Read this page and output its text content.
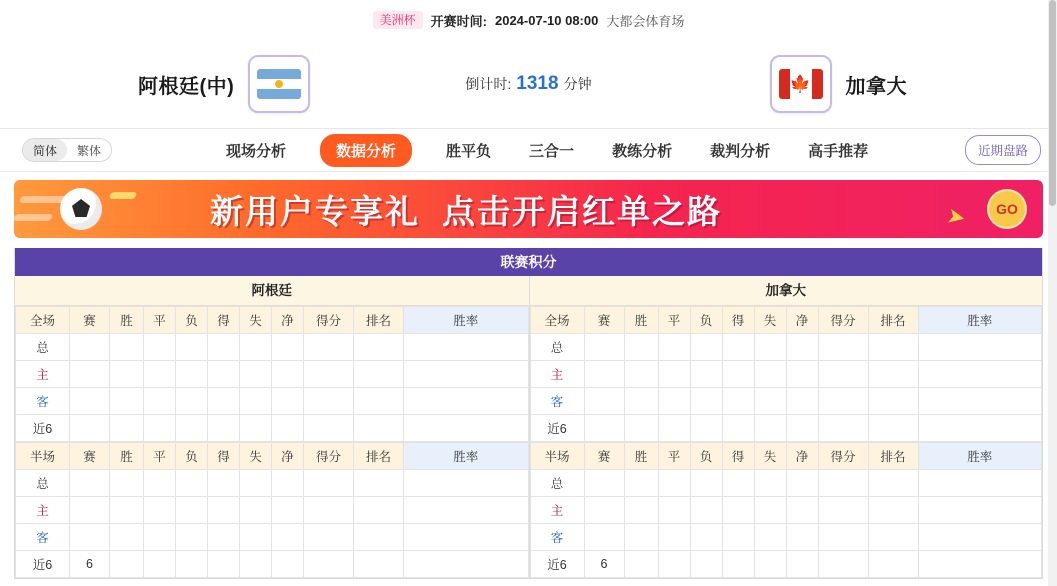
美洲杯	开赛时间: 2024-07-10 08:00 大都会体育场
阿根廷(中)	倒计时: 1318 分钟	🍁 加拿大
简体	繁体	现场分析	数据分析	胜平负	三合一	教练分析	裁判分析	高手推荐	近期盘路
新用户专享礼 点击开启红单之路	➤	GO
联赛积分
阿根廷
全场	赛	胜	平	负	得	失	净	得分	排名	胜率
总										
主										
客										
近6										
半场	赛	胜	平	负	得	失	净	得分	排名	胜率
总										
主										
客										
近6	6									
加拿大
全场	赛	胜	平	负	得	失	净	得分	排名	胜率
总										
主										
客										
近6										
半场	赛	胜	平	负	得	失	净	得分	排名	胜率
总										
主										
客										
近6	6									
